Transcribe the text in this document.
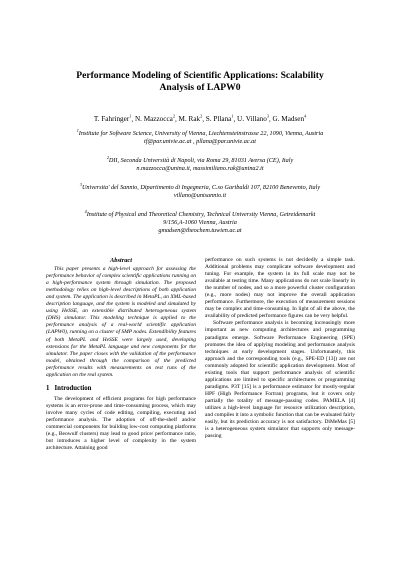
Performance Modeling of Scientific Applications: Scalability
Analysis of LAPW0
T. Fahringer$^1$, N. Mazzocca$^2$, M. Rak$^2$, S. Pllana$^1$, U. Villano$^3$, G. Madsen$^4$
$^1$Institute for Software Science, University of Vienna, Liechtensteinstrasse 22, 1090, Vienna, Austria
tf@par.univie.ac.at , pllana@par.univie.ac.at
$^2$DII, Seconda Università di Napoli, via Roma 29, 81031 Aversa (CE), Italy
n.mazzocca@unina.it, massimiliano.rak@unina2.it
$^3$Universita' del Sannio, Dipartimento di Ingegneria, C.so Garibaldi 107, 82100 Benevento, Italy
villano@unisannio.it
$^4$Institute of Physical and Theoretical Chemistry, Technical University Vienna, Getreidemarkt
9/156,A-1060 Vienna, Austria
gmadsen@theochem.tuwien.ac.at
Abstract

This paper presents a high-level approach for assessing the performance behavior of complex scientific applications running on a high-performance system through simulation. The proposed methodology relies on high-level descriptions of both application and system. The application is described in MetaPL, an XML-based description language, and the system is modeled and simulated by using HeSSE, an extensible distributed heterogeneous system (DHS) simulator. This modeling technique is applied to the performance analysis of a real-world scientific application (LAPW0), running on a cluster of SMP nodes. Extendibility features of both MetaPL and HeSSE were largely used, developing extensions for the MetaPL language and new components for the simulator. The paper closes with the validation of the performance model, obtained through the comparison of the predicted performance results with measurements on test runs of the application on the real system.

1 Introduction

The development of efficient programs for high performance systems is an error-prone and time-consuming process, which may involve many cycles of code editing, compiling, executing and performance analysis. The adoption of off-the-shelf and/or commercial components for building low-cost computing platforms (e.g., Beowulf clusters) may lead to good price/ performance ratio, but introduces a higher level of complexity in the system architecture. Attaining good

performance on such systems is not decidedly a simple task. Additional problems may complicate software development and tuning. For example, the system in its full scale may not be available at testing time. Many applications do not scale linearly in the number of nodes, and so a more powerful cluster configuration (e.g., more nodes) may not improve the overall application performance. Furthermore, the execution of measurement sessions may be complex and time-consuming. In light of all the above, the availability of predicted performance figures can be very helpful.

Software performance analysis is becoming increasingly more important as new computing architectures and programming paradigms emerge. Software Performance Engineering (SPE) promotes the idea of applying modeling and performance analysis techniques at early development stages. Unfortunately, this approach and the corresponding tools (e.g., SPE-ED [13]) are not commonly adopted for scientific application development. Most of existing tools that support performance analysis of scientific applications are limited to specific architectures or programming paradigms. P3T [15] is a performance estimator for mostly-regular HPF (High Performance Fortran) programs, but it covers only partially the totality of message-passing codes. PAMELA [4] utilizes a high-level language for resource utilization description, and compiles it into a symbolic function that can be evaluated fairly easily, but its prediction accuracy is not satisfactory. DiMeMas [5] is a heterogeneous system simulator that supports only message-passing
